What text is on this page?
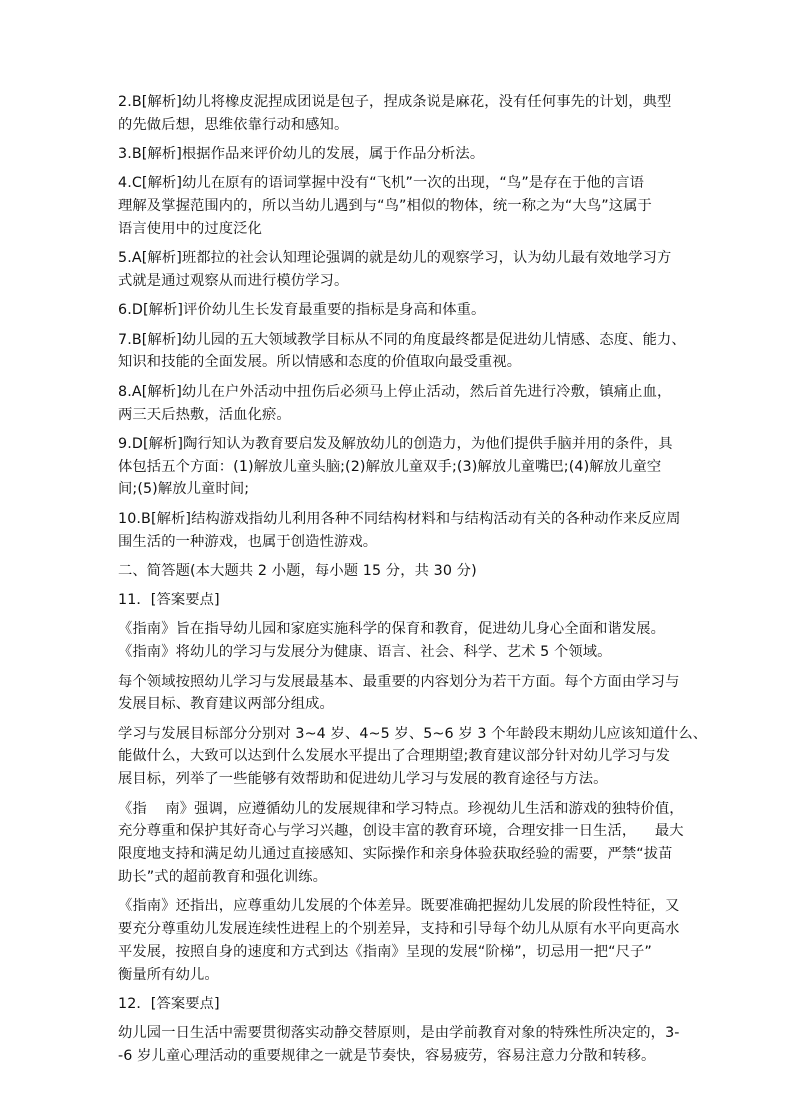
2.B[解析]幼儿将橡皮泥捏成团说是包子，捏成条说是麻花，没有任何事先的计划，典型
的先做后想，思维依靠行动和感知。
3.B[解析]根据作品来评价幼儿的发展，属于作品分析法。
4.C[解析]幼儿在原有的语词掌握中没有“飞机”一次的出现，“鸟”是存在于他的言语
理解及掌握范围内的，所以当幼儿遇到与“鸟”相似的物体，统一称之为“大鸟”这属于
语言使用中的过度泛化
5.A[解析]班都拉的社会认知理论强调的就是幼儿的观察学习，认为幼儿最有效地学习方
式就是通过观察从而进行模仿学习。
6.D[解析]评价幼儿生长发育最重要的指标是身高和体重。
7.B[解析]幼儿园的五大领域教学目标从不同的角度最终都是促进幼儿情感、态度、能力、
知识和技能的全面发展。所以情感和态度的价值取向最受重视。
8.A[解析]幼儿在户外活动中扭伤后必须马上停止活动，然后首先进行冷敷，镇痛止血，
两三天后热敷，活血化瘀。
9.D[解析]陶行知认为教育要启发及解放幼儿的创造力，为他们提供手脑并用的条件，具
体包括五个方面：(1)解放儿童头脑;(2)解放儿童双手;(3)解放儿童嘴巴;(4)解放儿童空
间;(5)解放儿童时间;
10.B[解析]结构游戏指幼儿利用各种不同结构材料和与结构活动有关的各种动作来反应周
围生活的一种游戏，也属于创造性游戏。
二、简答题(本大题共 2 小题，每小题 15 分，共 30 分)
11．[答案要点]
《指南》旨在指导幼儿园和家庭实施科学的保育和教育，促进幼儿身心全面和谐发展。
《指南》将幼儿的学习与发展分为健康、语言、社会、科学、艺术 5 个领域。
每个领域按照幼儿学习与发展最基本、最重要的内容划分为若干方面。每个方面由学习与
发展目标、教育建议两部分组成。
学习与发展目标部分分别对 3~4 岁、4~5 岁、5~6 岁 3 个年龄段末期幼儿应该知道什么、
能做什么，大致可以达到什么发展水平提出了合理期望;教育建议部分针对幼儿学习与发
展目标，列举了一些能够有效帮助和促进幼儿学习与发展的教育途径与方法。
《指    南》强调，应遵循幼儿的发展规律和学习特点。珍视幼儿生活和游戏的独特价值，
充分尊重和保护其好奇心与学习兴趣，创设丰富的教育环境，合理安排一日生活，    最大
限度地支持和满足幼儿通过直接感知、实际操作和亲身体验获取经验的需要，严禁“拔苗
助长”式的超前教育和强化训练。
《指南》还指出，应尊重幼儿发展的个体差异。既要准确把握幼儿发展的阶段性特征，又
要充分尊重幼儿发展连续性进程上的个别差异，支持和引导每个幼儿从原有水平向更高水
平发展，按照自身的速度和方式到达《指南》呈现的发展“阶梯”，切忌用一把“尺子”
衡量所有幼儿。
12．[答案要点]
幼儿园一日生活中需要贯彻落实动静交替原则，是由学前教育对象的特殊性所决定的，3-
-6 岁儿童心理活动的重要规律之一就是节奏快，容易疲劳，容易注意力分散和转移。
